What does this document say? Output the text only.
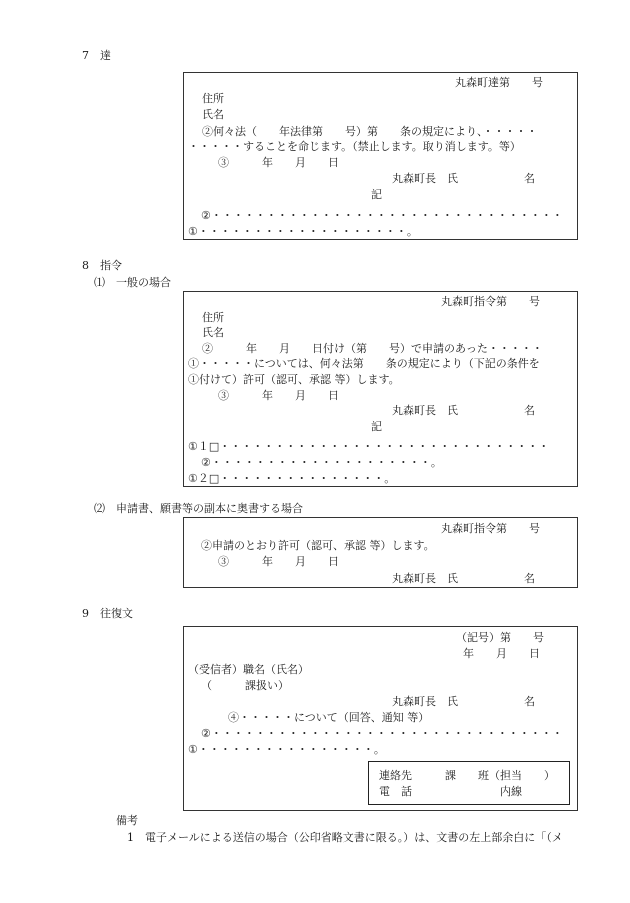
7　達
丸森町達第　　号
住所
氏名
②何々法（　　年法律第　　号）第　　条の規定により、・・・・・
・・・・・することを命じます。（禁止します。取り消します。等）
③　　　年　　月　　日
丸森町長　氏　　　　　　名
記
②・・・・・・・・・・・・・・・・・・・・・・・・・・・・・・・・
①・・・・・・・・・・・・・・・・・・・。
8　指令
⑴　一般の場合
丸森町指令第　　号
住所
氏名
②　　　年　　月　　日付け（第　　号）で申請のあった・・・・・
①・・・・・については、何々法第　　条の規定により（下記の条件を
①付けて）許可（認可、承認 等）します。
③　　　年　　月　　日
丸森町長　氏　　　　　　名
記
①１□・・・・・・・・・・・・・・・・・・・・・・・・・・・・・・
②・・・・・・・・・・・・・・・・・・・・。
①２□・・・・・・・・・・・・・・・。
⑵　申請書、願書等の副本に奥書する場合
丸森町指令第　　号
②申請のとおり許可（認可、承認 等）します。
③　　　年　　月　　日
丸森町長　氏　　　　　　名
9　往復文
（記号）第　　号
年　　月　　日
（受信者）職名（氏名）
（　　　課扱い）
丸森町長　氏　　　　　　名
④・・・・・について（回答、通知 等）
②・・・・・・・・・・・・・・・・・・・・・・・・・・・・・・・・
①・・・・・・・・・・・・・・・・。
連絡先　　　課　　班（担当　　）
電　話　　　　　　　　内線
備考
1　電子メールによる送信の場合（公印省略文書に限る。）は、文書の左上部余白に「（メ
